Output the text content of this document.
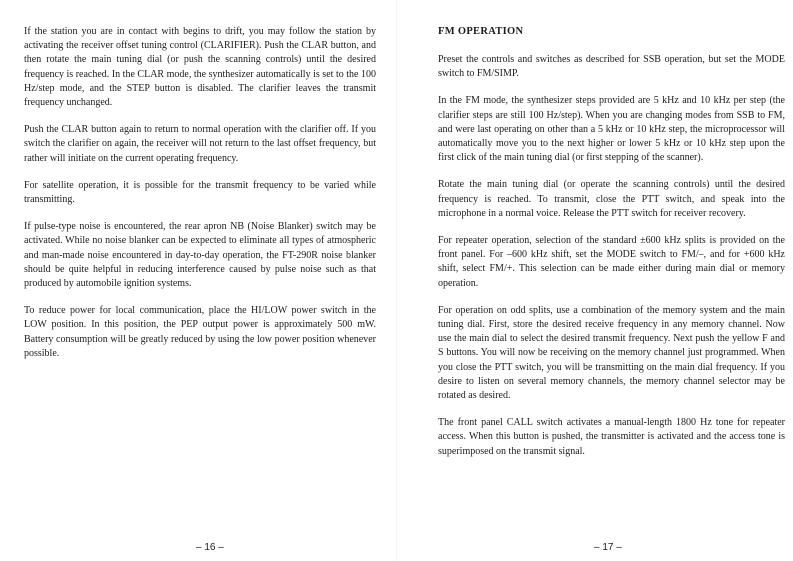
If the station you are in contact with begins to drift, you may follow the station by activating the receiver offset tuning control (CLARIFIER). Push the CLAR button, and then rotate the main tuning dial (or push the scanning controls) until the desired frequency is reached. In the CLAR mode, the synthesizer automatically is set to the 100 Hz/step mode, and the STEP button is disabled. The clarifier leaves the transmit frequency unchanged.

Push the CLAR button again to return to normal operation with the clarifier off. If you switch the clarifier on again, the receiver will not return to the last offset frequency, but rather will initiate on the current operating frequency.

For satellite operation, it is possible for the transmit frequency to be varied while transmitting.

If pulse-type noise is encountered, the rear apron NB (Noise Blanker) switch may be activated. While no noise blanker can be expected to eliminate all types of atmospheric and man-made noise encountered in day-to-day operation, the FT-290R noise blanker should be quite helpful in reducing interference caused by pulse noise such as that produced by automobile ignition systems.

To reduce power for local communication, place the HI/LOW power switch in the LOW position. In this position, the PEP output power is approximately 500 mW. Battery consumption will be greatly reduced by using the low power position whenever possible.

– 16 –
FM OPERATION

Preset the controls and switches as described for SSB operation, but set the MODE switch to FM/SIMP.

In the FM mode, the synthesizer steps provided are 5 kHz and 10 kHz per step (the clarifier steps are still 100 Hz/step). When you are changing modes from SSB to FM, and were last operating on other than a 5 kHz or 10 kHz step, the microprocessor will automatically move you to the next higher or lower 5 kHz or 10 kHz step upon the first click of the main tuning dial (or first stepping of the scanner).

Rotate the main tuning dial (or operate the scanning controls) until the desired frequency is reached. To transmit, close the PTT switch, and speak into the microphone in a normal voice. Release the PTT switch for receiver recovery.

For repeater operation, selection of the standard ±600 kHz splits is provided on the front panel. For –600 kHz shift, set the MODE switch to FM/–, and for +600 kHz shift, select FM/+. This selection can be made either during main dial or memory operation.

For operation on odd splits, use a combination of the memory system and the main tuning dial. First, store the desired receive frequency in any memory channel. Now use the main dial to select the desired transmit frequency. Next push the yellow F and S buttons. You will now be receiving on the memory channel just programmed. When you close the PTT switch, you will be transmitting on the main dial frequency. If you desire to listen on several memory channels, the memory channel selector may be rotated as desired.

The front panel CALL switch activates a manual-length 1800 Hz tone for repeater access. When this button is pushed, the transmitter is activated and the access tone is superimposed on the transmit signal.

– 17 –
